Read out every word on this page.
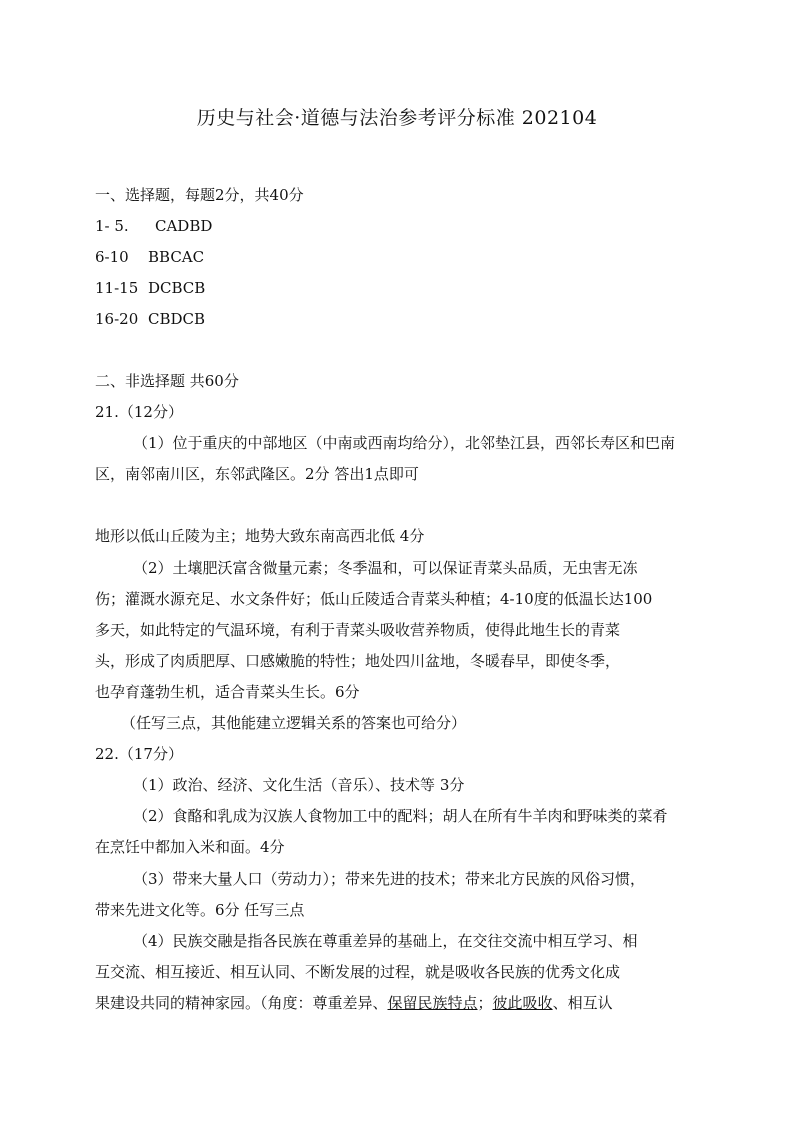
历史与社会·道德与法治参考评分标准 202104
一、选择题，每题2分，共40分
1- 5. CADBD
6-10 BBCAC
11-15 DCBCB
16-20 CBDCB
二、非选择题 共60分
21.（12分）
（1）位于重庆的中部地区（中南或西南均给分），北邻垫江县，西邻长寿区和巴南
区，南邻南川区，东邻武隆区。2分 答出1点即可
地形以低山丘陵为主；地势大致东南高西北低 4分
（2）土壤肥沃富含微量元素；冬季温和，可以保证青菜头品质，无虫害无冻
伤；灌溉水源充足、水文条件好；低山丘陵适合青菜头种植；4-10度的低温长达100
多天，如此特定的气温环境，有利于青菜头吸收营养物质，使得此地生长的青菜
头，形成了肉质肥厚、口感嫩脆的特性；地处四川盆地，冬暖春早，即使冬季，
也孕育蓬勃生机，适合青菜头生长。6分
（任写三点，其他能建立逻辑关系的答案也可给分）
22.（17分）
（1）政治、经济、文化生活（音乐）、技术等 3分
（2）食酪和乳成为汉族人食物加工中的配料；胡人在所有牛羊肉和野味类的菜肴
在烹饪中都加入米和面。4分
（3）带来大量人口（劳动力）；带来先进的技术；带来北方民族的风俗习惯，
带来先进文化等。6分 任写三点
（4）民族交融是指各民族在尊重差异的基础上，在交往交流中相互学习、相
互交流、相互接近、相互认同、不断发展的过程，就是吸收各民族的优秀文化成
果建设共同的精神家园。（角度：尊重差异、保留民族特点；彼此吸收、相互认
